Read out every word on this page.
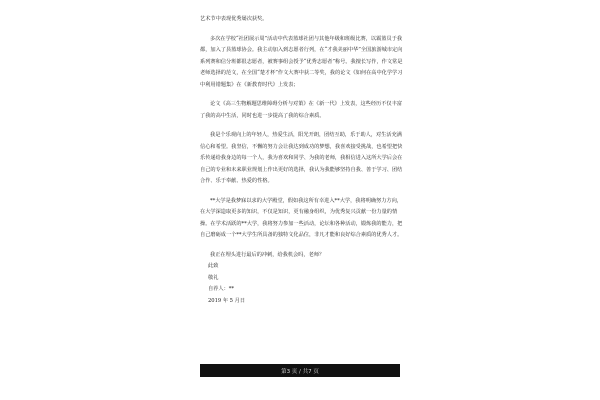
艺术节中表现优秀屡次获奖。

多次在学校“社团展示周”活动中代表篮球社团与其他年级和班级比赛，以霸篮员于我都，加入了县篮球协会。我主动加入到志愿者行列，在“才我美丽中华”全国旅游城市定向系列赛和信分班都很志愿者，被赛事组会授予“优秀志愿者”称号。我擅长写作，作文常是老师选择的范文，在全国“楚才杯”作文大赛中获二等奖，我的论文《如何在高中化学学习中利用错题集》在《新教育时代》上发表；

论文《高三生物解题思维障碍分析与对策》在《新一代》上发表，这些经历不仅丰富了我的高中生活，同时也进一步提高了我的综合素质。

我是个乐观向上的年轻人，热爱生活，阳光开朗，团结互助，乐于助人，对生活充满信心和希望。我坚信，不懈的努力会让我达到成功的梦想，我喜欢接受挑战，也希望把快乐传递给我身边的每一个人，我为喜欢和同学、为我的老师，我相信进入这所大学后会在自己的专业和未来职业规划上作出更好的选择，我认为我能够坚持自我、善于学习、团结合作、乐于奉献、热爱的性格。

**大学是我梦寐以求的大学殿堂，假如我这所有幸进入**大学，我将明确努力方向，在大学深造取更多的知识，不仅是知识，更有融身组织，为优秀复兴贡献一份力量的情操。在学术活跃的**大学，我将努力参加一些活动，论坛和各种活动，锻炼我的能力，把自己磨砺成一个**大学生所具备的独特文化品位，非凡才能和良好综合素质的优秀人才。

我正在埋头进行最后的冲刺，给我机会吗，老师？

此致

敬礼

自荐人：**

2019 年 5 月日

第3 页 / 共7 页
